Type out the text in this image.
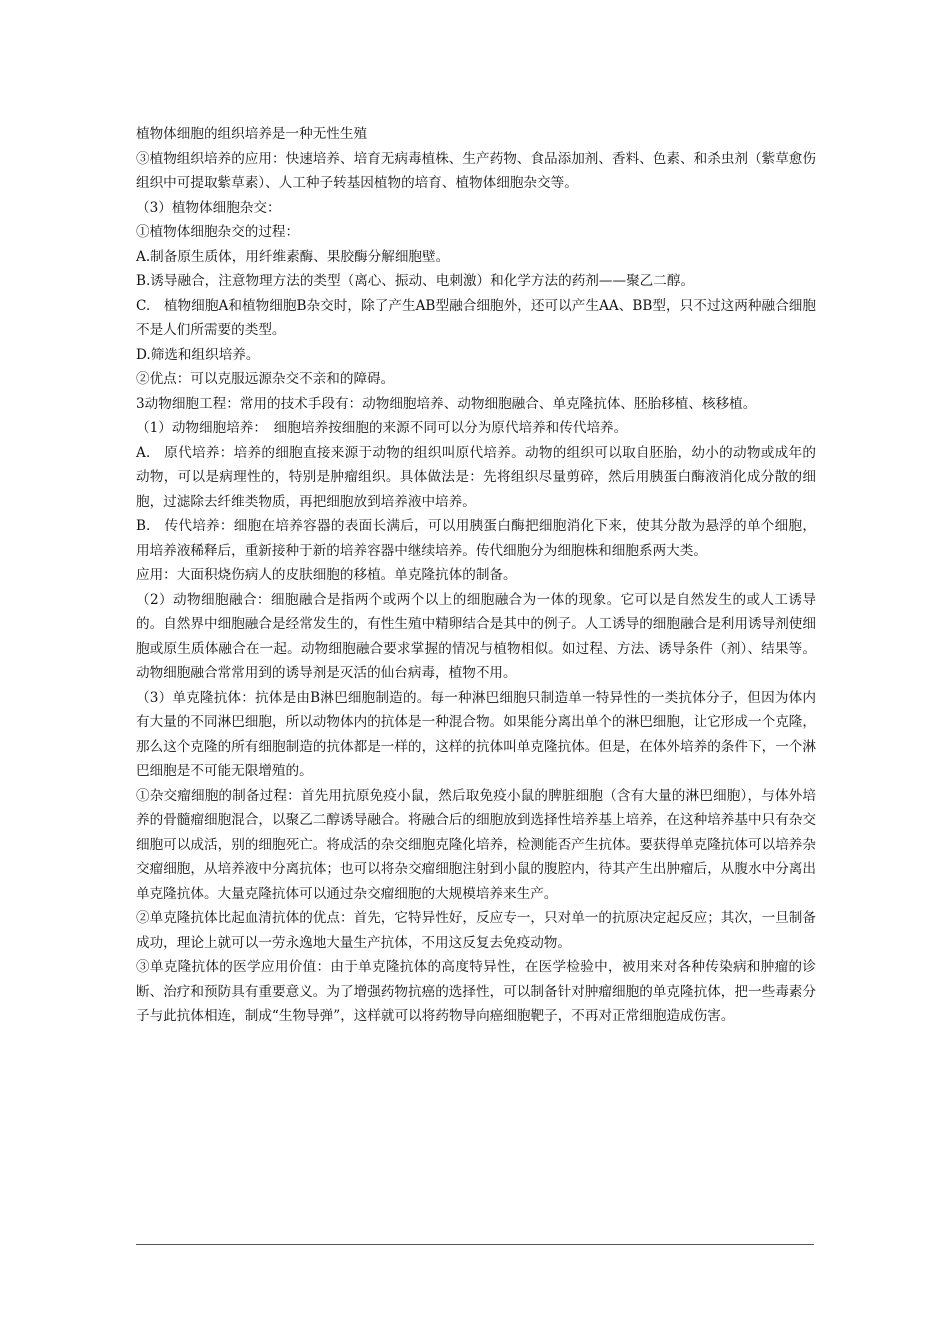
植物体细胞的组织培养是一种无性生殖

③植物组织培养的应用：快速培养、培育无病毒植株、生产药物、食品添加剂、香料、色素、和杀虫剂（紫草愈伤组织中可提取紫草素）、人工种子转基因植物的培育、植物体细胞杂交等。

（3）植物体细胞杂交：

①植物体细胞杂交的过程：

A.制备原生质体，用纤维素酶、果胶酶分解细胞壁。

B.诱导融合，注意物理方法的类型（离心、振动、电刺激）和化学方法的药剂——聚乙二醇。

C.　植物细胞A和植物细胞B杂交时，除了产生AB型融合细胞外，还可以产生AA、BB型，只不过这两种融合细胞不是人们所需要的类型。

D.筛选和组织培养。

②优点：可以克服远源杂交不亲和的障碍。

3动物细胞工程：常用的技术手段有：动物细胞培养、动物细胞融合、单克隆抗体、胚胎移植、核移植。

（1）动物细胞培养：　细胞培养按细胞的来源不同可以分为原代培养和传代培养。

A.　原代培养：培养的细胞直接来源于动物的组织叫原代培养。动物的组织可以取自胚胎，幼小的动物或成年的动物，可以是病理性的，特别是肿瘤组织。具体做法是：先将组织尽量剪碎，然后用胰蛋白酶液消化成分散的细胞，过滤除去纤维类物质，再把细胞放到培养液中培养。

B.　传代培养：细胞在培养容器的表面长满后，可以用胰蛋白酶把细胞消化下来，使其分散为悬浮的单个细胞，用培养液稀释后，重新接种于新的培养容器中继续培养。传代细胞分为细胞株和细胞系两大类。

应用：大面积烧伤病人的皮肤细胞的移植。单克隆抗体的制备。

（2）动物细胞融合：细胞融合是指两个或两个以上的细胞融合为一体的现象。它可以是自然发生的或人工诱导的。自然界中细胞融合是经常发生的，有性生殖中精卵结合是其中的例子。人工诱导的细胞融合是利用诱导剂使细胞或原生质体融合在一起。动物细胞融合要求掌握的情况与植物相似。如过程、方法、诱导条件（剂）、结果等。动物细胞融合常常用到的诱导剂是灭活的仙台病毒，植物不用。

（3）单克隆抗体：抗体是由B淋巴细胞制造的。每一种淋巴细胞只制造单一特异性的一类抗体分子，但因为体内有大量的不同淋巴细胞，所以动物体内的抗体是一种混合物。如果能分离出单个的淋巴细胞，让它形成一个克隆，那么这个克隆的所有细胞制造的抗体都是一样的，这样的抗体叫单克隆抗体。但是，在体外培养的条件下，一个淋巴细胞是不可能无限增殖的。

①杂交瘤细胞的制备过程：首先用抗原免疫小鼠，然后取免疫小鼠的脾脏细胞（含有大量的淋巴细胞），与体外培养的骨髓瘤细胞混合，以聚乙二醇诱导融合。将融合后的细胞放到选择性培养基上培养，在这种培养基中只有杂交细胞可以成活，别的细胞死亡。将成活的杂交细胞克隆化培养，检测能否产生抗体。要获得单克隆抗体可以培养杂交瘤细胞，从培养液中分离抗体；也可以将杂交瘤细胞注射到小鼠的腹腔内，待其产生出肿瘤后，从腹水中分离出单克隆抗体。大量克隆抗体可以通过杂交瘤细胞的大规模培养来生产。

②单克隆抗体比起血清抗体的优点：首先，它特异性好，反应专一，只对单一的抗原决定起反应；其次，一旦制备成功，理论上就可以一劳永逸地大量生产抗体，不用这反复去免疫动物。

③单克隆抗体的医学应用价值：由于单克隆抗体的高度特异性，在医学检验中，被用来对各种传染病和肿瘤的诊断、治疗和预防具有重要意义。为了增强药物抗癌的选择性，可以制备针对肿瘤细胞的单克隆抗体，把一些毒素分子与此抗体相连，制成“生物导弹”，这样就可以将药物导向癌细胞靶子，不再对正常细胞造成伤害。
